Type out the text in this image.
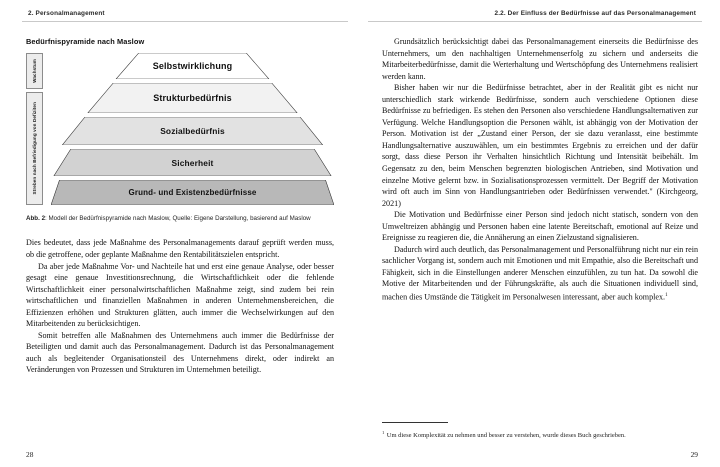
2. Personalmanagement
Bedürfnispyramide nach Maslow
Wachstum
Streben nach Befriedigung von Defiziten
Selbstwirklichung
Strukturbedürfnis
Sozialbedürfnis
Sicherheit
Grund- und Existenzbedürfnisse
Abb. 2: Modell der Bedürfnispyramide nach Maslow, Quelle: Eigene Darstellung, basierend auf Maslow

Dies bedeutet, dass jede Maßnahme des Personalmanagements darauf geprüft werden muss, ob die getroffene, oder geplante Maßnahme den Rentabilitätszielen entspricht.

Da aber jede Maßnahme Vor- und Nachteile hat und erst eine genaue Analyse, oder besser gesagt eine genaue Investitionsrechnung, die Wirtschaftlichkeit oder die fehlende Wirtschaftlichkeit einer personalwirtschaftlichen Maßnahme zeigt, sind zudem bei rein wirtschaftlichen und finanziellen Maßnahmen in anderen Unternehmensbereichen, die Effizienzen erhöhen und Strukturen glätten, auch immer die Wechselwirkungen auf den Mitarbeitenden zu berücksichtigen.

Somit betreffen alle Maßnahmen des Unternehmens auch immer die Bedürfnisse der Beteiligten und damit auch das Personalmanagement. Dadurch ist das Personalmanagement auch als begleitender Organisationsteil des Unternehmens direkt, oder indirekt an Veränderungen von Prozessen und Strukturen im Unternehmen beteiligt.

28
2.2. Der Einfluss der Bedürfnisse auf das Personalmanagement

Grundsätzlich berücksichtigt dabei das Personalmanagement einerseits die Bedürfnisse des Unternehmers, um den nachhaltigen Unternehmenserfolg zu sichern und anderseits die Mitarbeiterbedürfnisse, damit die Werterhaltung und Wertschöpfung des Unternehmens realisiert werden kann.

Bisher haben wir nur die Bedürfnisse betrachtet, aber in der Realität gibt es nicht nur unterschiedlich stark wirkende Bedürfnisse, sondern auch verschiedene Optionen diese Bedürfnisse zu befriedigen. Es stehen den Personen also verschiedene Handlungsalternativen zur Verfügung. Welche Handlungsoption die Personen wählt, ist abhängig von der Motivation der Person. Motivation ist der „Zustand einer Person, der sie dazu veranlasst, eine bestimmte Handlungsalternative auszuwählen, um ein bestimmtes Ergebnis zu erreichen und der dafür sorgt, dass diese Person ihr Verhalten hinsichtlich Richtung und Intensität beibehält. Im Gegensatz zu den, beim Menschen begrenzten biologischen Antrieben, sind Motivation und einzelne Motive gelernt bzw. in Sozialisationsprozessen vermittelt. Der Begriff der Motivation wird oft auch im Sinn von Handlungsantrieben oder Bedürfnissen verwendet." (Kirchgeorg, 2021)

Die Motivation und Bedürfnisse einer Person sind jedoch nicht statisch, sondern von den Umweltreizen abhängig und Personen haben eine latente Bereitschaft, emotional auf Reize und Ereignisse zu reagieren die, die Annäherung an einen Zielzustand signalisieren.

Dadurch wird auch deutlich, das Personalmanagement und Personalführung nicht nur ein rein sachlicher Vorgang ist, sondern auch mit Emotionen und mit Empathie, also die Bereitschaft und Fähigkeit, sich in die Einstellungen anderer Menschen einzufühlen, zu tun hat. Da sowohl die Motive der Mitarbeitenden und der Führungskräfte, als auch die Situationen individuell sind, machen dies Umstände die Tätigkeit im Personalwesen interessant, aber auch komplex.$^1$

$^1$ Um diese Komplexität zu nehmen und besser zu verstehen, wurde dieses Buch geschrieben.
29
